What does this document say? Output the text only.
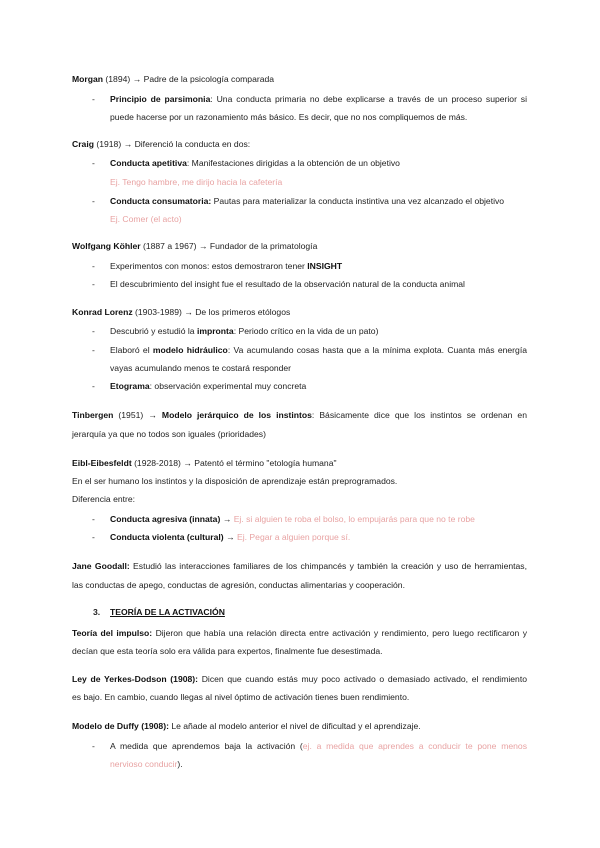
Morgan (1894) → Padre de la psicología comparada
- Principio de parsimonia: Una conducta primaria no debe explicarse a través de un proceso superior si
puede hacerse por un razonamiento más básico. Es decir, que no nos compliquemos de más.
Craig (1918) → Diferenció la conducta en dos:
- Conducta apetitiva: Manifestaciones dirigidas a la obtención de un objetivo
Ej. Tengo hambre, me dirijo hacia la cafetería
- Conducta consumatoria: Pautas para materializar la conducta instintiva una vez alcanzado el objetivo
Ej. Comer (el acto)
Wolfgang Köhler (1887 a 1967) → Fundador de la primatología
- Experimentos con monos: estos demostraron tener INSIGHT
- El descubrimiento del insight fue el resultado de la observación natural de la conducta animal
Konrad Lorenz (1903-1989) → De los primeros etólogos
- Descubrió y estudió la impronta: Periodo crítico en la vida de un pato)
- Elaboró el modelo hidráulico: Va acumulando cosas hasta que a la mínima explota. Cuanta más energía
vayas acumulando menos te costará responder
- Etograma: observación experimental muy concreta
Tinbergen (1951) → Modelo jerárquico de los instintos: Básicamente dice que los instintos se ordenan en
jerarquía ya que no todos son iguales (prioridades)
Eibl-Eibesfeldt (1928-2018) → Patentó el término "etología humana"
En el ser humano los instintos y la disposición de aprendizaje están preprogramados.
Diferencia entre:
- Conducta agresiva (innata) → Ej. si alguien te roba el bolso, lo empujarás para que no te robe
- Conducta violenta (cultural) → Ej. Pegar a alguien porque sí.
Jane Goodall: Estudió las interacciones familiares de los chimpancés y también la creación y uso de herramientas,
las conductas de apego, conductas de agresión, conductas alimentarias y cooperación.
3. TEORÍA DE LA ACTIVACIÓN
Teoría del impulso: Dijeron que había una relación directa entre activación y rendimiento, pero luego rectificaron y
decían que esta teoría solo era válida para expertos, finalmente fue desestimada.
Ley de Yerkes-Dodson (1908): Dicen que cuando estás muy poco activado o demasiado activado, el rendimiento
es bajo. En cambio, cuando llegas al nivel óptimo de activación tienes buen rendimiento.
Modelo de Duffy (1908): Le añade al modelo anterior el nivel de dificultad y el aprendizaje.
- A medida que aprendemos baja la activación (ej. a medida que aprendes a conducir te pone menos
nervioso conducir).
